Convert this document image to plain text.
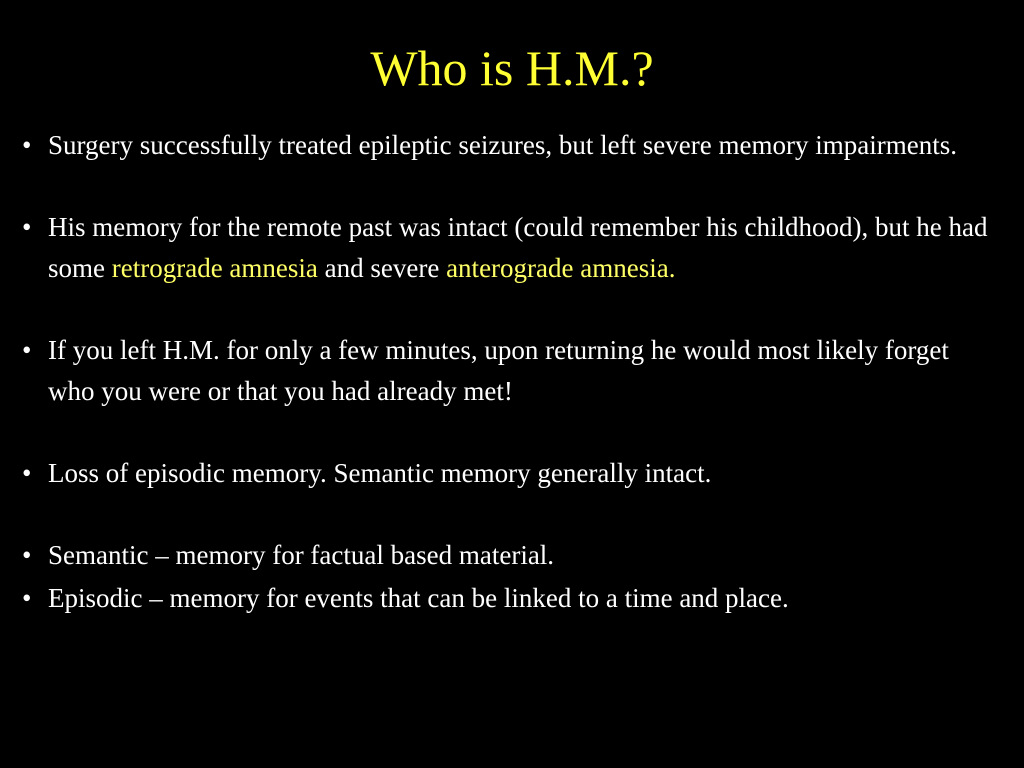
Who is H.M.?
• Surgery successfully treated epileptic seizures, but left severe memory impairments.
• His memory for the remote past was intact (could remember his childhood), but he had some retrograde amnesia and severe anterograde amnesia.
• If you left H.M. for only a few minutes, upon returning he would most likely forget who you were or that you had already met!
• Loss of episodic memory. Semantic memory generally intact.
• Semantic – memory for factual based material.
• Episodic – memory for events that can be linked to a time and place.
